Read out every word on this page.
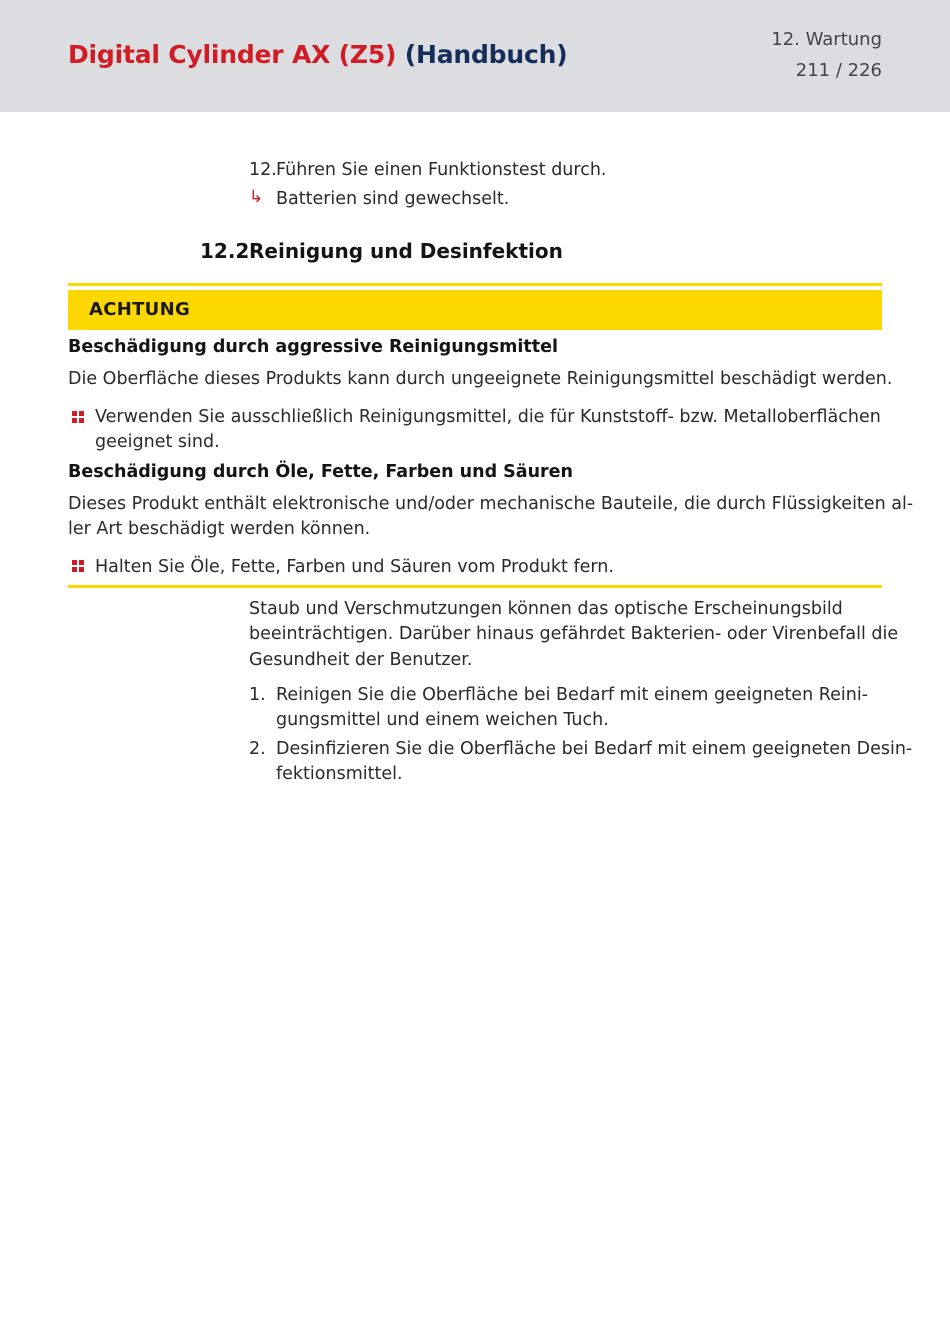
Digital Cylinder AX (Z5) (Handbuch)
12. Wartung
211 / 226
12. Führen Sie einen Funktionstest durch.
↳ Batterien sind gewechselt.
12.2 Reinigung und Desinfektion
ACHTUNG
Beschädigung durch aggressive Reinigungsmittel
Die Oberfläche dieses Produkts kann durch ungeeignete Reinigungsmittel beschädigt werden.
Verwenden Sie ausschließlich Reinigungsmittel, die für Kunststoff- bzw. Metalloberflächen
geeignet sind.
Beschädigung durch Öle, Fette, Farben und Säuren
Dieses Produkt enthält elektronische und/oder mechanische Bauteile, die durch Flüssigkeiten al-
ler Art beschädigt werden können.
Halten Sie Öle, Fette, Farben und Säuren vom Produkt fern.
Staub und Verschmutzungen können das optische Erscheinungsbild
beeinträchtigen. Darüber hinaus gefährdet Bakterien- oder Virenbefall die
Gesundheit der Benutzer.
1. Reinigen Sie die Oberfläche bei Bedarf mit einem geeigneten Reini-
gungsmittel und einem weichen Tuch.
2. Desinfizieren Sie die Oberfläche bei Bedarf mit einem geeigneten Desin-
fektionsmittel.
